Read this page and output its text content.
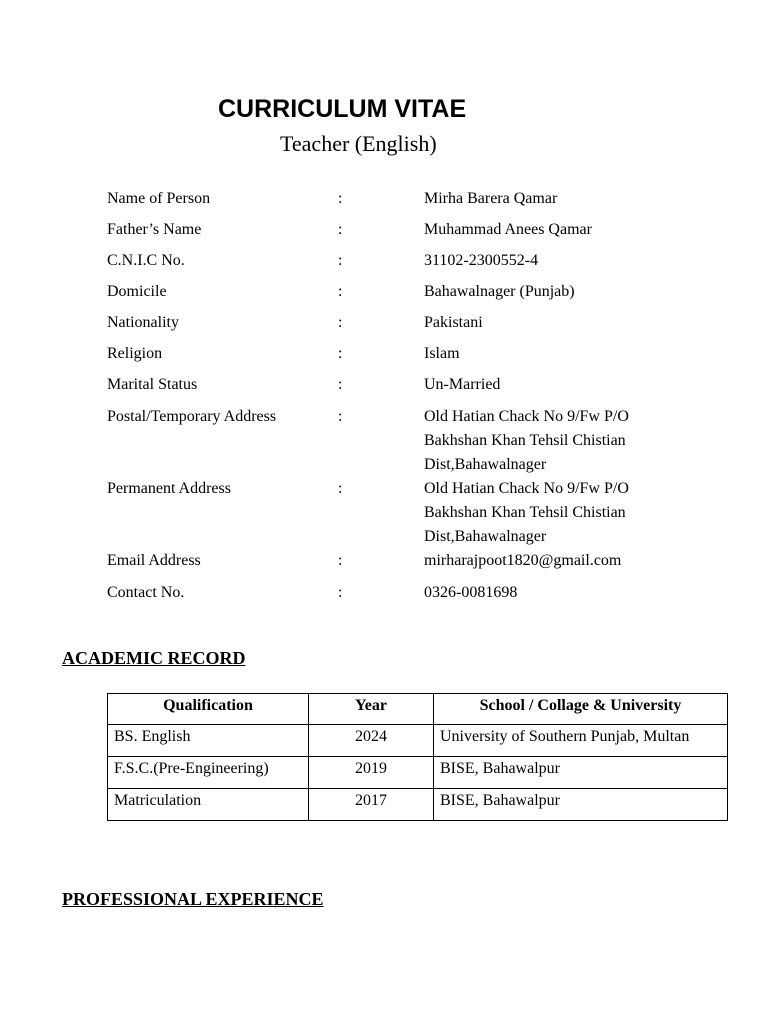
CURRICULUM VITAE
Teacher (English)
Name of Person	:	Mirha Barera Qamar
Father’s Name	:	Muhammad Anees Qamar
C.N.I.C No.	:	31102-2300552-4
Domicile	:	Bahawalnager (Punjab)
Nationality	:	Pakistani
Religion	:	Islam
Marital Status	:	Un-Married
Postal/Temporary Address	:	Old Hatian Chack No 9/Fw P/O
Bakhshan Khan Tehsil Chistian
Dist,Bahawalnager
Permanent Address	:	Old Hatian Chack No 9/Fw P/O
Bakhshan Khan Tehsil Chistian
Dist,Bahawalnager
Email Address	:	mirharajpoot1820@gmail.com
Contact No.	:	0326-0081698
ACADEMIC RECORD
Qualification	Year	School / Collage & University
BS. English	2024	University of Southern Punjab, Multan
F.S.C.(Pre-Engineering)	2019	BISE, Bahawalpur
Matriculation	2017	BISE, Bahawalpur
PROFESSIONAL EXPERIENCE
